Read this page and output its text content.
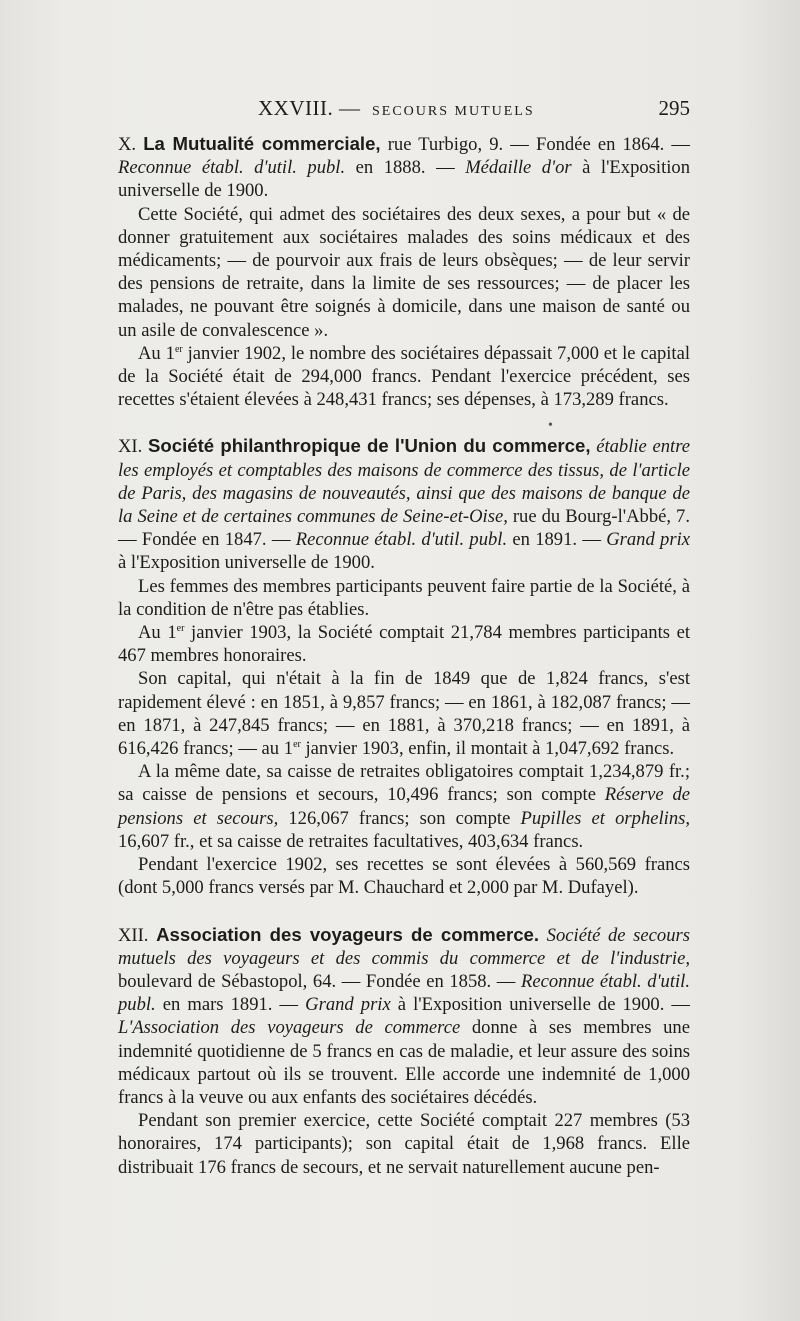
XXVIII. — SECOURS MUTUELS	295
•

X. La Mutualité commerciale, rue Turbigo, 9. — Fondée en 1864. — Reconnue établ. d'util. publ. en 1888. — Médaille d'or à l'Exposition universelle de 1900.

Cette Société, qui admet des sociétaires des deux sexes, a pour but « de donner gratuitement aux sociétaires malades des soins médicaux et des médicaments; — de pourvoir aux frais de leurs obsèques; — de leur servir des pensions de retraite, dans la limite de ses ressources; — de placer les malades, ne pouvant être soignés à domicile, dans une maison de santé ou un asile de convalescence ».

Au 1er janvier 1902, le nombre des sociétaires dépassait 7,000 et le capital de la Société était de 294,000 francs. Pendant l'exercice précédent, ses recettes s'étaient élevées à 248,431 francs; ses dépenses, à 173,289 francs.

XI. Société philanthropique de l'Union du commerce, établie entre les employés et comptables des maisons de commerce des tissus, de l'article de Paris, des magasins de nouveautés, ainsi que des maisons de banque de la Seine et de certaines communes de Seine-et-Oise, rue du Bourg-l'Abbé, 7. — Fondée en 1847. — Reconnue établ. d'util. publ. en 1891. — Grand prix à l'Exposition universelle de 1900.

Les femmes des membres participants peuvent faire partie de la Société, à la condition de n'être pas établies.

Au 1er janvier 1903, la Société comptait 21,784 membres participants et 467 membres honoraires.

Son capital, qui n'était à la fin de 1849 que de 1,824 francs, s'est rapidement élevé : en 1851, à 9,857 francs; — en 1861, à 182,087 francs; — en 1871, à 247,845 francs; — en 1881, à 370,218 francs; — en 1891, à 616,426 francs; — au 1er janvier 1903, enfin, il montait à 1,047,692 francs.

A la même date, sa caisse de retraites obligatoires comptait 1,234,879 fr.; sa caisse de pensions et secours, 10,496 francs; son compte Réserve de pensions et secours, 126,067 francs; son compte Pupilles et orphelins, 16,607 fr., et sa caisse de retraites facultatives, 403,634 francs.

Pendant l'exercice 1902, ses recettes se sont élevées à 560,569 francs (dont 5,000 francs versés par M. Chauchard et 2,000 par M. Dufayel).

XII. Association des voyageurs de commerce. Société de secours mutuels des voyageurs et des commis du commerce et de l'industrie, boulevard de Sébastopol, 64. — Fondée en 1858. — Reconnue établ. d'util. publ. en mars 1891. — Grand prix à l'Exposition universelle de 1900. — L'Association des voyageurs de commerce donne à ses membres une indemnité quotidienne de 5 francs en cas de maladie, et leur assure des soins médicaux partout où ils se trouvent. Elle accorde une indemnité de 1,000 francs à la veuve ou aux enfants des sociétaires décédés.

Pendant son premier exercice, cette Société comptait 227 membres (53 honoraires, 174 participants); son capital était de 1,968 francs. Elle distribuait 176 francs de secours, et ne servait naturellement aucune pen-
